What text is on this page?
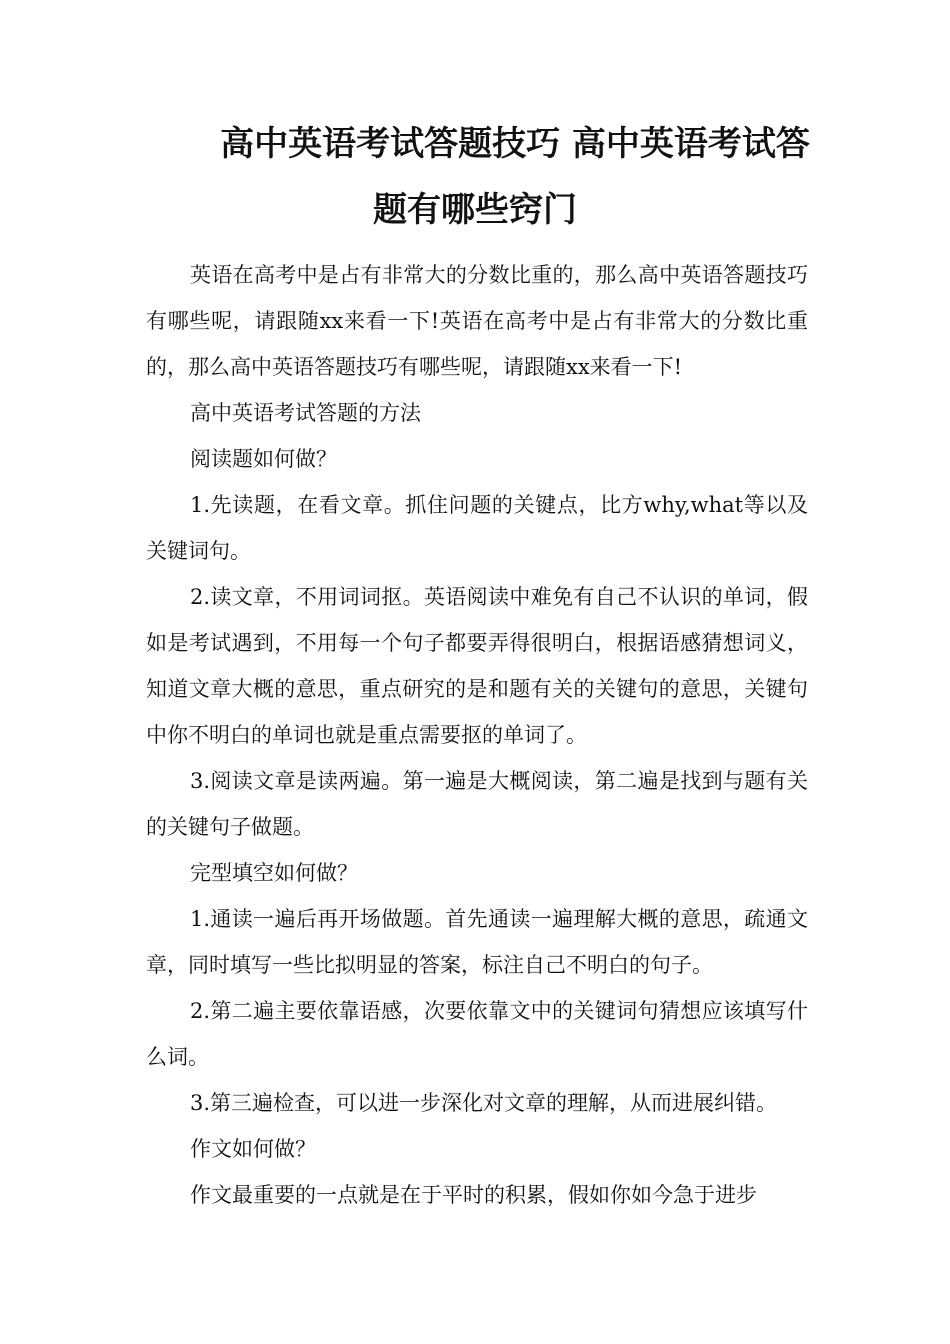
高中英语考试答题技巧 高中英语考试答
题有哪些窍门

英语在高考中是占有非常大的分数比重的，那么高中英语答题技巧有哪些呢，请跟随xx来看一下!英语在高考中是占有非常大的分数比重的，那么高中英语答题技巧有哪些呢，请跟随xx来看一下!

高中英语考试答题的方法

阅读题如何做？

1.先读题，在看文章。抓住问题的关键点，比方why,what等以及关键词句。

2.读文章，不用词词抠。英语阅读中难免有自己不认识的单词，假如是考试遇到，不用每一个句子都要弄得很明白，根据语感猜想词义，知道文章大概的意思，重点研究的是和题有关的关键句的意思，关键句中你不明白的单词也就是重点需要抠的单词了。

3.阅读文章是读两遍。第一遍是大概阅读，第二遍是找到与题有关的关键句子做题。

完型填空如何做？

1.通读一遍后再开场做题。首先通读一遍理解大概的意思，疏通文章，同时填写一些比拟明显的答案，标注自己不明白的句子。

2.第二遍主要依靠语感，次要依靠文中的关键词句猜想应该填写什么词。

3.第三遍检查，可以进一步深化对文章的理解，从而进展纠错。

作文如何做？

作文最重要的一点就是在于平时的积累，假如你如今急于进步
